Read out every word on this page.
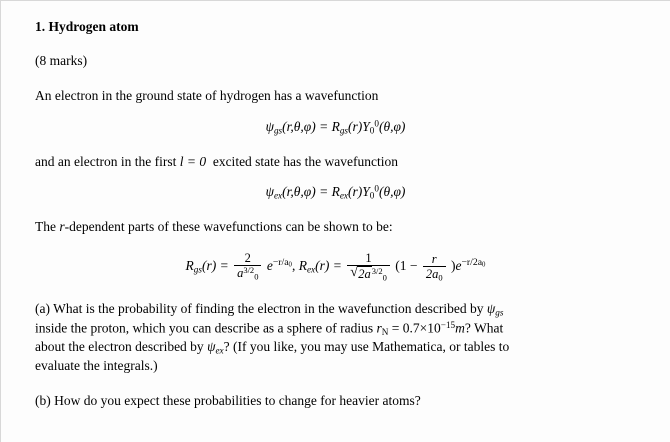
1. Hydrogen atom
(8 marks)
An electron in the ground state of hydrogen has a wavefunction
$\psi_{gs}(r,\theta,\varphi) = R_{gs}(r)Y0^0(\theta,\varphi)$
and an electron in the first l = 0 excited state has the wavefunction
$\psi_{ex}(r,\theta,\varphi) = R_{ex}(r)Y0^0(\theta,\varphi)$
The r-dependent parts of these wavefunctions can be shown to be:
$R_{gs}(r) = \frac{2}{a^{3/2}0} e^{-r/a0}$, $R_{ex}(r) = 1$
√ $2a^{3/2}0$ $(1 - \frac{r}{2a0} )e^{-r/2a0}$
(a) What is the probability of finding the electron in the wavefunction described by $\psi_{gs}$
inside the proton, which you can describe as a sphere of radius rN = $0.7\times 10^{-15}m$? What
about the electron described by $\psi_{ex}$? (If you like, you may use Mathematica, or tables to
evaluate the integrals.)
(b) How do you expect these probabilities to change for heavier atoms?
